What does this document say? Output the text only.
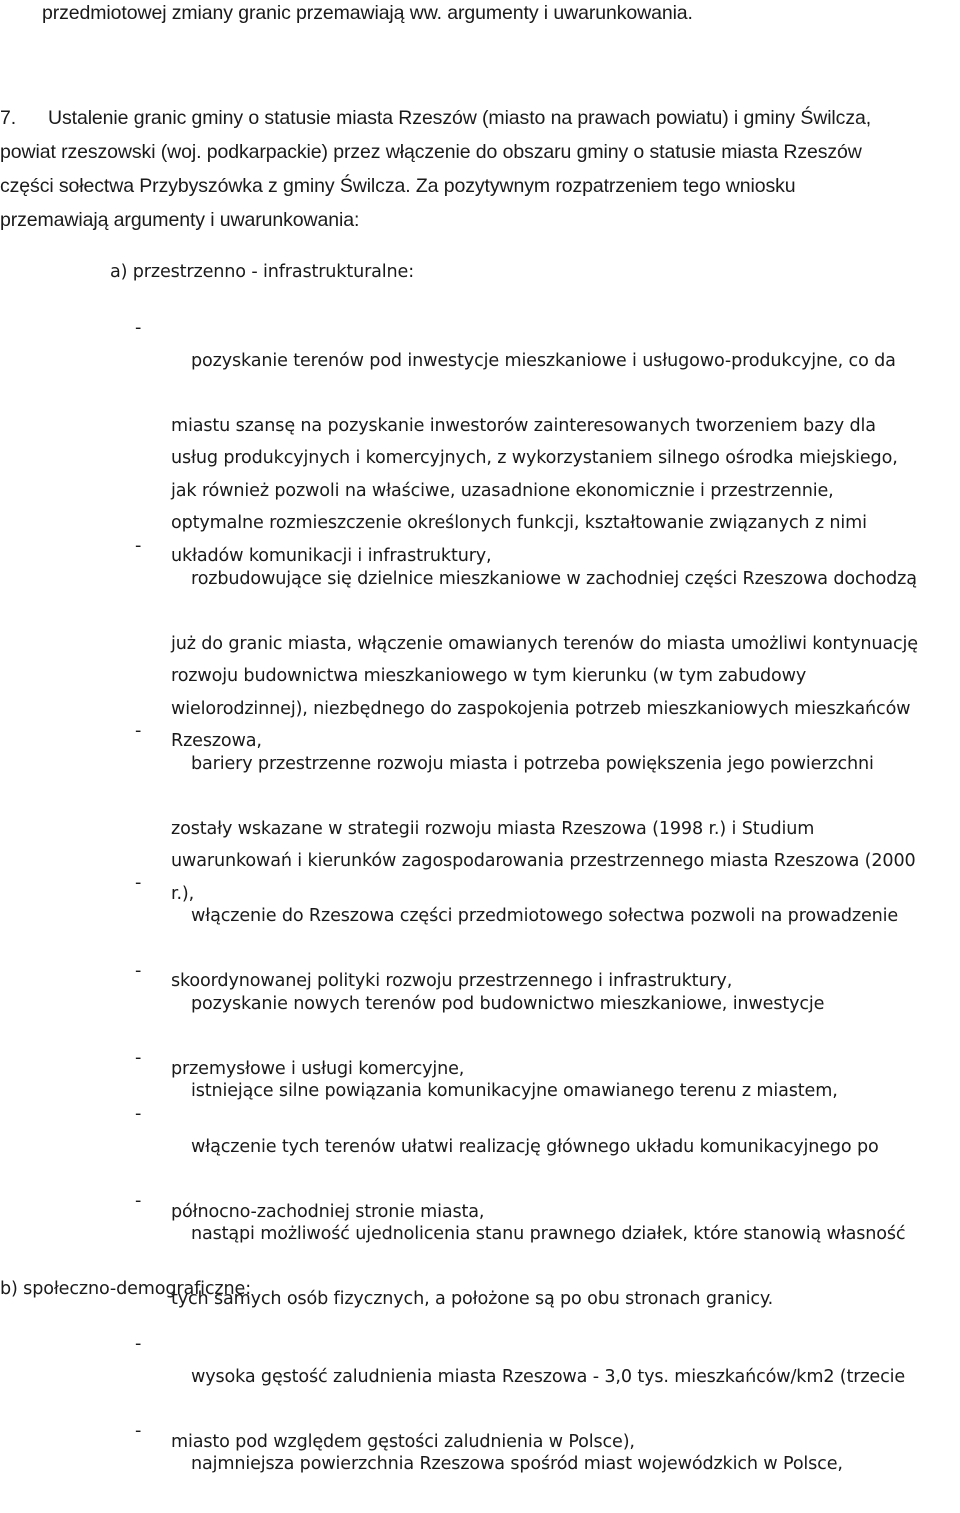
przedmiotowej zmiany granic przemawiają ww. argumenty i uwarunkowania.
7. Ustalenie granic gminy o statusie miasta Rzeszów (miasto na prawach powiatu) i gminy Świlcza,
powiat rzeszowski (woj. podkarpackie) przez włączenie do obszaru gminy o statusie miasta Rzeszów
części sołectwa Przybyszówka z gminy Świlcza. Za pozytywnym rozpatrzeniem tego wniosku
przemawiają argumenty i uwarunkowania:
a) przestrzenno - infrastrukturalne:
-

pozyskanie terenów pod inwestycje mieszkaniowe i usługowo-produkcyjne, co da

miastu szansę na pozyskanie inwestorów zainteresowanych tworzeniem bazy dla
usług produkcyjnych i komercyjnych, z wykorzystaniem silnego ośrodka miejskiego,
jak również pozwoli na właściwe, uzasadnione ekonomicznie i przestrzennie,
optymalne rozmieszczenie określonych funkcji, kształtowanie związanych z nimi
układów komunikacji i infrastruktury,

-

rozbudowujące się dzielnice mieszkaniowe w zachodniej części Rzeszowa dochodzą

już do granic miasta, włączenie omawianych terenów do miasta umożliwi kontynuację
rozwoju budownictwa mieszkaniowego w tym kierunku (w tym zabudowy
wielorodzinnej), niezbędnego do zaspokojenia potrzeb mieszkaniowych mieszkańców
Rzeszowa,

-

bariery przestrzenne rozwoju miasta i potrzeba powiększenia jego powierzchni

zostały wskazane w strategii rozwoju miasta Rzeszowa (1998 r.) i Studium
uwarunkowań i kierunków zagospodarowania przestrzennego miasta Rzeszowa (2000
r.),

-

włączenie do Rzeszowa części przedmiotowego sołectwa pozwoli na prowadzenie

skoordynowanej polityki rozwoju przestrzennego i infrastruktury,

-

pozyskanie nowych terenów pod budownictwo mieszkaniowe, inwestycje

przemysłowe i usługi komercyjne,

-

istniejące silne powiązania komunikacyjne omawianego terenu z miastem,

-

włączenie tych terenów ułatwi realizację głównego układu komunikacyjnego po

północno-zachodniej stronie miasta,

-

nastąpi możliwość ujednolicenia stanu prawnego działek, które stanowią własność

tych samych osób fizycznych, a położone są po obu stronach granicy.

b) społeczno-demograficzne:
-

wysoka gęstość zaludnienia miasta Rzeszowa - 3,0 tys. mieszkańców/km2 (trzecie

miasto pod względem gęstości zaludnienia w Polsce),

-

najmniejsza powierzchnia Rzeszowa spośród miast wojewódzkich w Polsce,
